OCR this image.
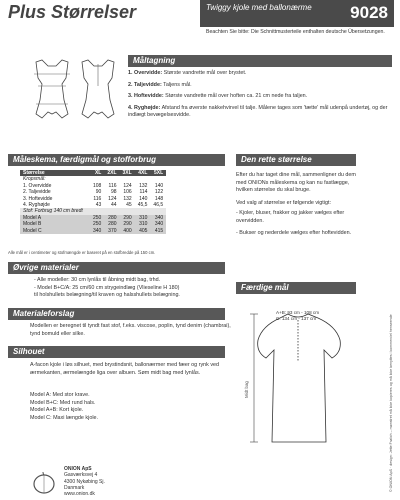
Plus Størrelser	Twiggy kjole med ballonærme 9028
Beachten Sie bitte: Die Schnittmusterteile enthalten deutsche Übersetzungen.
Måltagning
1. Overvidde: Største vandrette mål over brystet.
2. Taljevidde: Taljens mål.
3. Hoftevidde: Største vandrette mål over hoften ca. 21 cm nede fra taljen.
4. Ryghøjde: Afstand fra øverste nakkehvirvel til talje. Målene tages som 'tætte' mål udenpå undertøj, og der indlægt bevægelsesvidde.
Måleskema, færdigmål og stofforbrug
Størrelse	XL	2XL	3XL	4XL	5XL
Kropsmål:					
1. Overvidde	108	116	124	132	140
2. Taljevidde	90	98	106	114	122
3. Hoftevidde	116	124	132	140	148
4. Ryghøjde	43	44	45	45,5	46,5
Stof: Forbrug 140 cm bredt					
Model A	250	280	290	310	340
Model B	250	280	290	310	340
Model C	340	370	400	405	415
Alle mål er i centimeter og stofmængde er baseret på en stofbredde på 150 cm.
Øvrige materialer
- Alle modeller: 30 cm lynlås til åbning midt bag, trhd.
- Model B+C/A: 25 cm/60 cm strygeindlæg (Vlieseline H 180)
til holshullets belægning/til kraven og halsshullets belægning.
Materialeforslag
Modellen er beregnet til tyndt fast stof, f.eks. viscose, poplin, tynd denim (chambrai), tynd bomuld eller silke.
Silhouet
A-facon kjole i løs silhuet, med brystindsnit, ballonærmer med fæer og rynk ved ærmekanten, ærmelængde liga over albuen. Søm midt bag med lynlås.
Model A: Med stor krave.
Model B+C: Med rund hals.
Model A+B: Kort kjole.
Model C: Maxi længde kjole.
ONION ApS
Gasværksvej 4
4300 Nykøbing Sj.
Danmark
www.onion.dk
Den rette størrelse
Efter du har taget dine mål, sammenligner du dem med ONIONs måleskema og kan nu fastlægge, hvilken størrelse du skal bruge.
Ved valg af størrelse er følgende vigtigt:
- Kjoler, bluser, frakker og jakker vælges efter overvidden.
- Bukser og nederdele vælges efter hoftevidden.
Færdige mål
A+B: 93 cm - 108 cm
C: 134 cm - 137 cm
Midt bag	© ONION ApS · design: Jette Frølich – mønstret må ikke kopieres og må ikke benyttes i kommerciel henseende
